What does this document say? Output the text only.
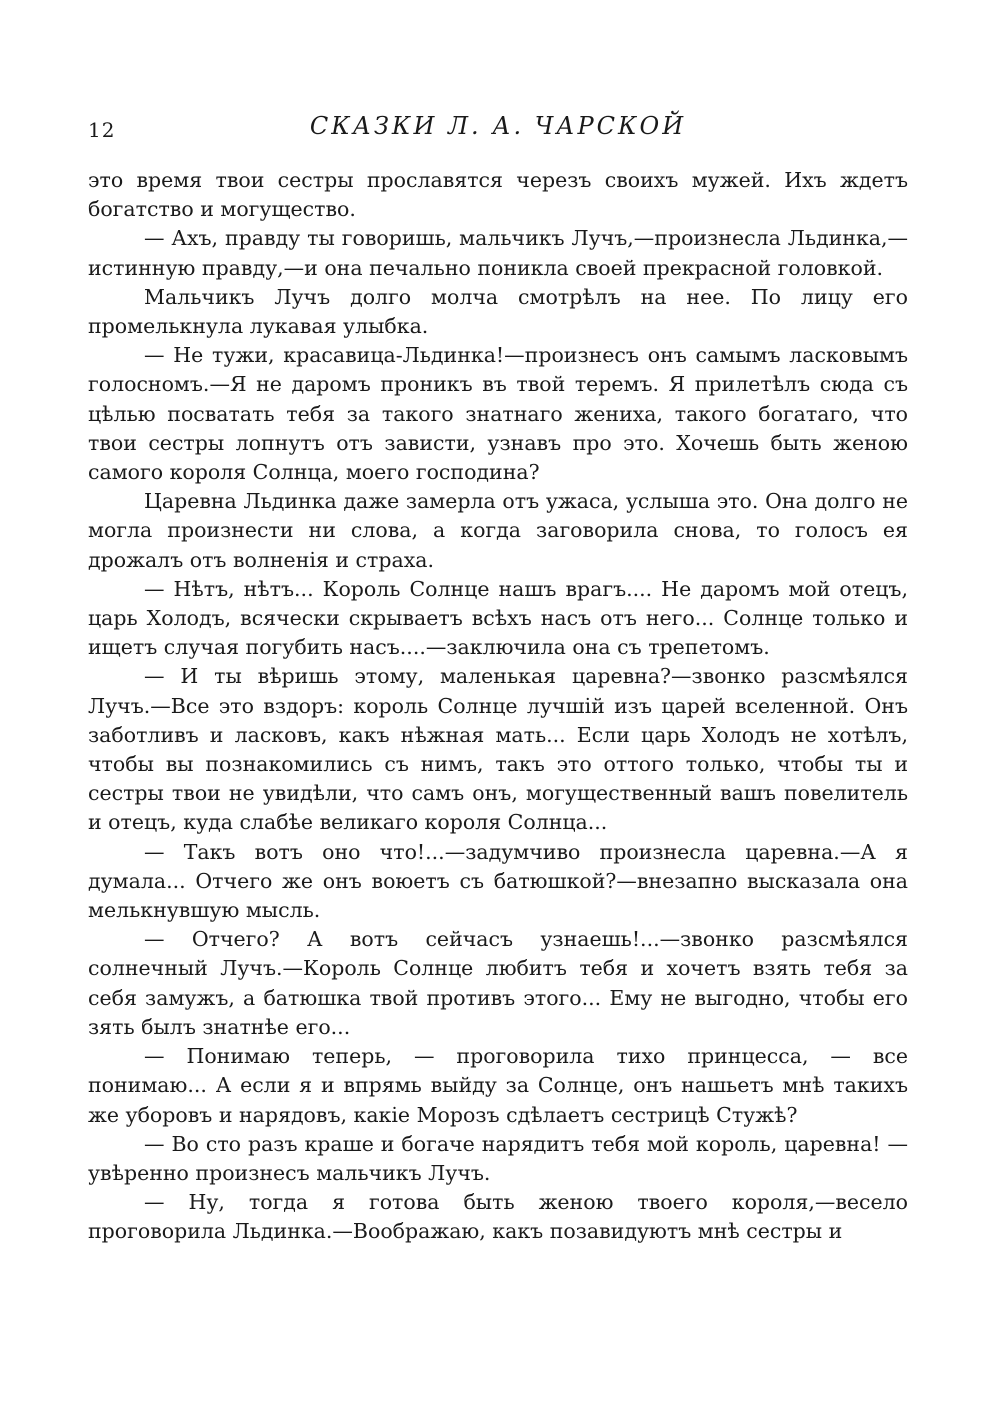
12	СКАЗКИ Л. А. ЧАРСКОЙ

это время твои сестры прославятся черезъ своихъ мужей. Ихъ ждетъ богатство и могущество.

— Ахъ, правду ты говоришь, мальчикъ Лучъ,—произнесла Льдинка,—истинную правду,—и она печально поникла своей прекрасной головкой.

Мальчикъ Лучъ долго молча смотрѣлъ на нее. По лицу его промелькнула лукавая улыбка.

— Не тужи, красавица-Льдинка!—произнесъ онъ самымъ ласковымъ голосномъ.—Я не даромъ проникъ въ твой теремъ. Я прилетѣлъ сюда съ цѣлью посватать тебя за такого знатнаго жениха, такого богатаго, что твои сестры лопнутъ отъ зависти, узнавъ про это. Хочешь быть женою самого короля Солнца, моего господина?

Царевна Льдинка даже замерла отъ ужаса, услыша это. Она долго не могла произнести ни слова, а когда заговорила снова, то голосъ ея дрожалъ отъ волненія и страха.

— Нѣтъ, нѣтъ... Король Солнце нашъ врагъ.... Не даромъ мой отецъ, царь Холодъ, всячески скрываетъ всѣхъ насъ отъ него... Солнце только и ищетъ случая погубить насъ....—заключила она съ трепетомъ.

— И ты вѣришь этому, маленькая царевна?—звонко разсмѣялся Лучъ.—Все это вздоръ: король Солнце лучшій изъ царей вселенной. Онъ заботливъ и ласковъ, какъ нѣжная мать... Если царь Холодъ не хотѣлъ, чтобы вы познакомились съ нимъ, такъ это оттого только, чтобы ты и сестры твои не увидѣли, что самъ онъ, могущественный вашъ повелитель и отецъ, куда слабѣе великаго короля Солнца...

— Такъ вотъ оно что!...—задумчиво произнесла царевна.—А я думала... Отчего же онъ воюетъ съ батюшкой?—внезапно высказала она мелькнувшую мысль.

— Отчего? А вотъ сейчасъ узнаешь!...—звонко разсмѣялся солнечный Лучъ.—Король Солнце любитъ тебя и хочетъ взять тебя за себя замужъ, а батюшка твой противъ этого... Ему не выгодно, чтобы его зять былъ знатнѣе его...

— Понимаю теперь, — проговорила тихо принцесса, — все понимаю... А если я и впрямь выйду за Солнце, онъ нашьетъ мнѣ такихъ же уборовъ и нарядовъ, какіе Морозъ сдѣлаетъ сестрицѣ Стужѣ?

— Во сто разъ краше и богаче нарядитъ тебя мой король, царевна! —увѣренно произнесъ мальчикъ Лучъ.

— Ну, тогда я готова быть женою твоего короля,—весело проговорила Льдинка.—Воображаю, какъ позавидуютъ мнѣ сестры и
